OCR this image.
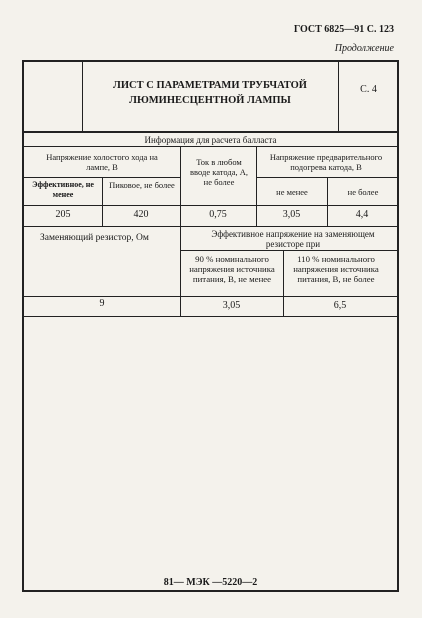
ГОСТ 6825—91 С. 123
Продолжение
ЛИСТ С ПАРАМЕТРАМИ ТРУБЧАТОЙ
ЛЮМИНЕСЦЕНТНОЙ ЛАМПЫ
С. 4
Информация для расчета балласта
Напряжение холостого хода на лампе, В
Эффективное, не менее
Пиковое, не более
Ток в любом вводе катода, А, не более
Напряжение предварительного подогрева катода, В
не менее	не более
205	420	0,75	3,05	4,4
Заменяющий резистор, Ом	Эффективное напряжение на заменяющем резисторе при
90 % номинального напряжения источника питания, В, не менее
110 % номинального напряжения источника питания, В, не более
9	3,05	6,5
81— МЭК —5220—2
